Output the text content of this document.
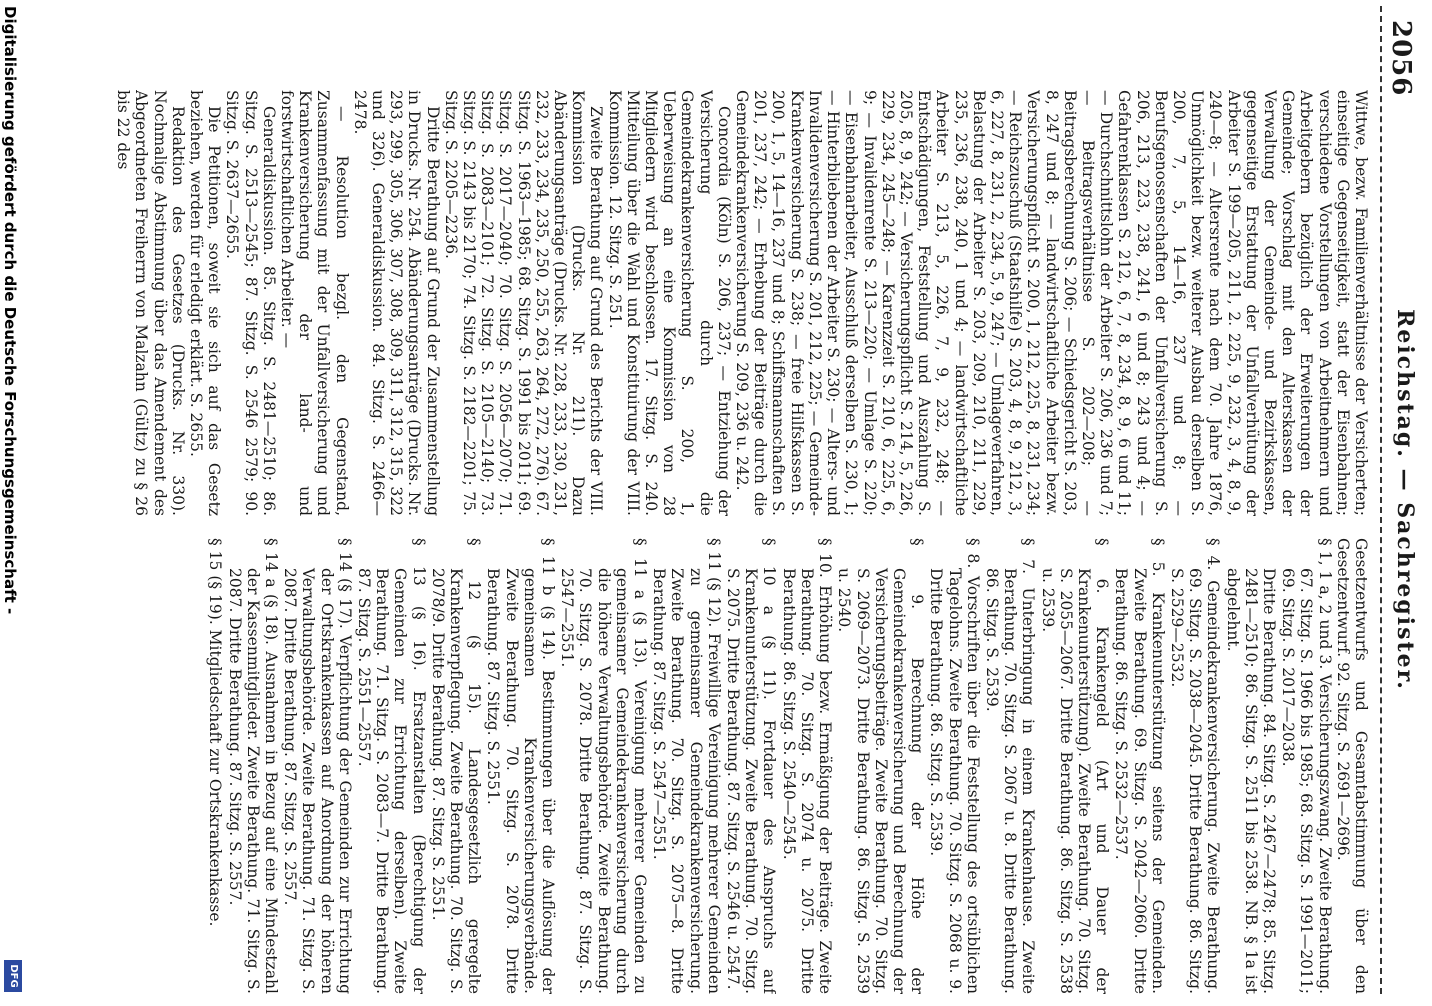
2056
Reichstag. — Sachregister.

Wittwe, bezw. Familienverhältnisse der Versicherten; einseitige Gegenseitigkeit, statt der Eisenbahnen; verschiedene Vorstellungen von Arbeitnehmern und Arbeitgebern bezüglich der Erweiterungen der Gemeinde; Vorschlag mit den Alterskassen der Verwaltung der Gemeinde- und Bezirkskassen, gegenseitige Erstattung der Unfallverhütung der Arbeiter S. 199—205, 211, 2. 225, 9, 232, 3, 4, 8, 9, 240—8; — Altersrente nach dem 70. Jahre 1876, Unmöglichkeit bezw. weiterer Ausbau derselben S. 200, 7, 5, 14—16, 237 und 8; — Berufsgenossenschaften der Unfallversicherung S. 206, 213, 223, 238, 241, 6 und 8; 243 und 4; — Gefahrenklassen S. 212, 6, 7, 8, 234, 8, 9, 6 und 11; — Durchschnittslohn der Arbeiter S. 206, 236 und 7; — Beitragsverhältnisse S. 202—208; — Beitragsberechnung S. 206; — Schiedsgericht S. 203, 8, 247 und 8; — landwirtschaftliche Arbeiter bezw. Versicherungspflicht S. 200, 1, 212, 225, 8, 231, 234; — Reichszuschuß (Staatshilfe) S. 203, 4, 8, 9, 212, 3, 6, 227, 8, 231, 2, 234, 5, 9, 247; — Umlageverfahren, Belastung der Arbeiter S. 203, 209, 210, 211, 229, 235, 236, 238, 240, 1 und 4; — landwirtschaftliche Arbeiter S. 213, 5, 226, 7, 9, 232, 248; — Entschädigungen, Feststellung und Auszahlung S. 205, 8, 9, 242; — Versicherungspflicht S. 214, 5, 226, 229, 234, 245—248; — Karenzzeit S. 210, 6, 225, 6, 9; — Invalidenrente S. 213—220; — Umlage S. 220; — Eisenbahnarbeiter, Ausschluß derselben S. 230, 1; — Hinterbliebenen der Arbeiter S. 230; — Alters- und Invalidenversicherung S. 201, 212, 225; — Gemeinde-Krankenversicherung S. 238; — freie Hilfskassen S. 200, 1, 5, 14—16, 237 und 8; Schiffsmannschaften S. 201, 237, 242; — Erhebung der Beiträge durch die Gemeindekrankenversicherung S. 209, 236 u. 242.

Concordia (Köln) S. 206, 237; — Entziehung der Versicherung durch die Gemeindekrankenversicherung S. 200, 1, Ueberweisung an eine Kommission von 28 Mitgliedern wird beschlossen. 17. Sitzg. S. 240. Mitteilung über die Wahl und Konstituirung der VIII. Kommission. 12. Sitzg. S. 251.

Zweite Berathung auf Grund des Berichts der VIII. Kommission (Drucks. Nr. 211). Dazu Abänderungsanträge (Drucks. Nr. 228, 233, 230, 231, 232, 233, 234, 235, 250, 255, 263, 264, 272, 276). 67. Sitzg. S. 1963—1985; 68. Sitzg. S. 1991 bis 2011; 69. Sitzg. S. 2017—2040; 70. Sitzg. S. 2056—2070; 71. Sitzg. S. 2083—2101; 72. Sitzg. S. 2105—2140; 73. Sitzg. S. 2143 bis 2170; 74. Sitzg. S. 2182—2201; 75. Sitzg. S. 2205—2236.

Dritte Berathung auf Grund der Zusammenstellung in Drucks. Nr. 254. Abänderungsanträge (Drucks. Nr. 293, 299, 305, 306, 307, 308, 309, 311, 312, 315, 322 und 326). Generaldiskussion. 84. Sitzg. S. 2466—2478.

— Resolution bezgl. den Gegenstand, Zusammenfassung mit der Unfallversicherung und Krankenversicherung der land- und forstwirtschaftlichen Arbeiter. —

Generaldiskussion. 85. Sitzg. S. 2481—2510; 86. Sitzg. S. 2513—2545; 87. Sitzg. S. 2546 2579; 90. Sitzg. S. 2637—2655.

Die Petitionen, soweit sie sich auf das Gesetz beziehen, werden für erledigt erklärt. S. 2655.

Redaktion des Gesetzes (Drucks. Nr. 330). Nochmalige Abstimmung über das Amendement des Abgeordneten Freiherrn von Malzahn (Gültz) zu § 26 bis 22 des

Gesetzentwurfs und Gesamtabstimmung über den Gesetzentwurf. 92. Sitzg. S. 2691—2696.
§ 1, 1 a, 2 und 3. Versicherungszwang. Zweite Berathung. 67. Sitzg. S. 1966 bis 1985; 68. Sitzg. S. 1991—2011; 69. Sitzg. S. 2017—2038.
Dritte Berathung. 84. Sitzg. S. 2467—2478; 85. Sitzg. 2481—2510; 86. Sitzg. S. 2511 bis 2538. NB. § 1a ist abgelehnt.
§ 4. Gemeindekrankenversicherung. Zweite Berathung. 69. Sitzg. S. 2038—2045. Dritte Berathung. 86. Sitzg. S. 2529—2532.
§ 5. Krankenunterstützung seitens der Gemeinden. Zweite Berathung. 69. Sitzg. S. 2042—2060. Dritte Berathung. 86. Sitzg. S. 2532—2537.
§ 6. Krankengeld (Art und Dauer der Krankenunterstützung). Zweite Berathung. 70. Sitzg. S. 2055—2067. Dritte Berathung. 86. Sitzg. S. 2538 u. 2539.
§ 7. Unterbringung in einem Krankenhause. Zweite Berathung. 70. Sitzg. S. 2067 u. 8. Dritte Berathung. 86. Sitzg. S. 2539.
§ 8. Vorschriften über die Feststellung des ortsüblichen Tagelohns. Zweite Berathung. 70. Sitzg. S. 2068 u. 9. Dritte Berathung. 86. Sitzg. S. 2539.
§ 9. Berechnung der Höhe der Gemeindekrankenversicherung und Berechnung der Versicherungsbeiträge. Zweite Berathung. 70. Sitzg. S. 2069—2073. Dritte Berathung. 86. Sitzg. S. 2539 u. 2540.
§ 10. Erhöhung bezw. Ermäßigung der Beiträge. Zweite Berathung. 70. Sitzg. S. 2074 u. 2075. Dritte Berathung. 86. Sitzg. S. 2540—2545.
§ 10 a (§ 11). Fortdauer des Anspruchs auf Krankenunterstützung. Zweite Berathung. 70. Sitzg. S. 2075. Dritte Berathung. 87. Sitzg. S. 2546 u. 2547.
§ 11 (§ 12). Freiwillige Vereinigung mehrerer Gemeinden zu gemeinsamer Gemeindekrankenversicherung. Zweite Berathung. 70. Sitzg. S. 2075—8. Dritte Berathung. 87. Sitzg. S. 2547—2551.
§ 11 a (§ 13). Vereinigung mehrerer Gemeinden zu gemeinsamer Gemeindekrankenversicherung durch die höhere Verwaltungsbehörde. Zweite Berathung. 70. Sitzg. S. 2078. Dritte Berathung. 87. Sitzg. S. 2547—2551.
§ 11 b (§ 14). Bestimmungen über die Auflösung der gemeinsamen Krankenversicherungsverbände. Zweite Berathung. 70. Sitzg. S. 2078. Dritte Berathung. 87. Sitzg. S. 2551.
§ 12 (§ 15). Landesgesetzlich geregelte Krankenverpflegung. Zweite Berathung. 70. Sitzg. S. 2078/9. Dritte Berathung. 87. Sitzg. S. 2551.
§ 13 (§ 16). Ersatzanstalten (Berechtigung der Gemeinden zur Errichtung derselben). Zweite Berathung. 71. Sitzg. S. 2083—7. Dritte Berathung. 87. Sitzg. S. 2551—2557.
§ 14 (§ 17). Verpflichtung der Gemeinden zur Errichtung der Ortskrankenkassen auf Anordnung der höheren Verwaltungsbehörde. Zweite Berathung. 71. Sitzg. S. 2087. Dritte Berathung. 87. Sitzg. S. 2557.
§ 14 a (§ 18). Ausnahmen in Bezug auf eine Mindestzahl der Kassenmitglieder. Zweite Berathung. 71. Sitzg. S. 2087. Dritte Berathung. 87. Sitzg. S. 2557.
§ 15 (§ 19). Mitgliedschaft zur Ortskrankenkasse.
Digitalisierung gefördert durch die Deutsche Forschungsgemeinschaft -
DFG
